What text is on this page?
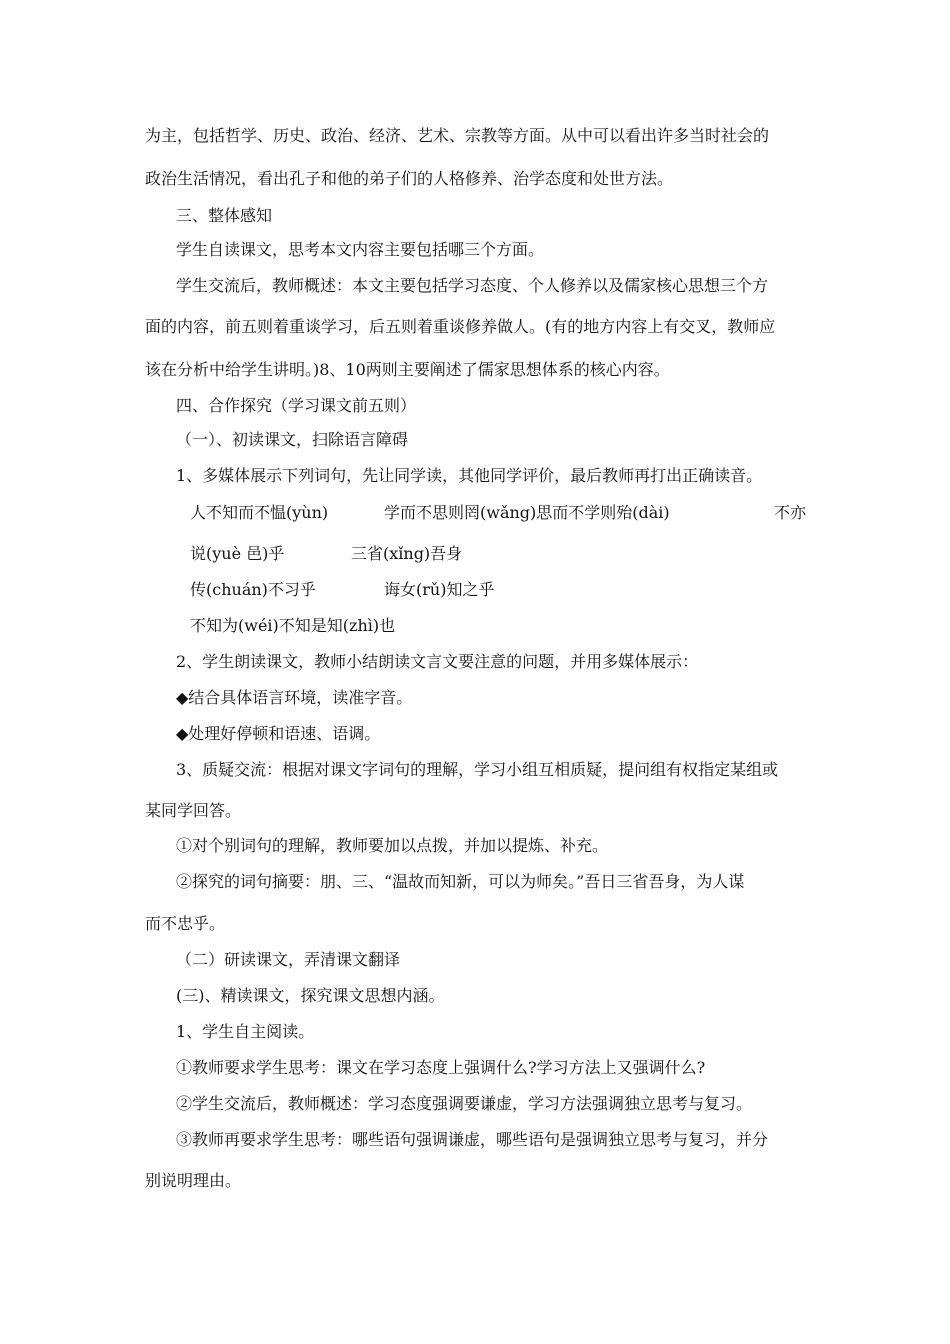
为主，包括哲学、历史、政治、经济、艺术、宗教等方面。从中可以看出许多当时社会的
政治生活情况，看出孔子和他的弟子们的人格修养、治学态度和处世方法。
三、整体感知
学生自读课文，思考本文内容主要包括哪三个方面。
学生交流后，教师概述：本文主要包括学习态度、个人修养以及儒家核心思想三个方
面的内容，前五则着重谈学习，后五则着重谈修养做人。(有的地方内容上有交叉，教师应
该在分析中给学生讲明。)8、10两则主要阐述了儒家思想体系的核心内容。
四、合作探究（学习课文前五则）
（一）、初读课文，扫除语言障碍
1、多媒体展示下列词句，先让同学读，其他同学评价，最后教师再打出正确读音。
人不知而不愠(yùn)	学而不思则罔(wǎng)思而不学则殆(dài)	不亦
说(yuè 邑)乎	三省(xǐng)吾身
传(chuán)不习乎	诲女(rǔ)知之乎
不知为(wéi)不知是知(zhì)也
2、学生朗读课文，教师小结朗读文言文要注意的问题，并用多媒体展示：
◆结合具体语言环境，读准字音。
◆处理好停顿和语速、语调。
3、质疑交流：根据对课文字词句的理解，学习小组互相质疑，提问组有权指定某组或
某同学回答。
①对个别词句的理解，教师要加以点拨，并加以提炼、补充。
②探究的词句摘要：朋、三、“温故而知新，可以为师矣。”吾日三省吾身，为人谋
而不忠乎。
（二）研读课文，弄清课文翻译
(三)、精读课文，探究课文思想内涵。
1、学生自主阅读。
①教师要求学生思考：课文在学习态度上强调什么?学习方法上又强调什么?
②学生交流后，教师概述：学习态度强调要谦虚，学习方法强调独立思考与复习。
③教师再要求学生思考：哪些语句强调谦虚，哪些语句是强调独立思考与复习，并分
别说明理由。
